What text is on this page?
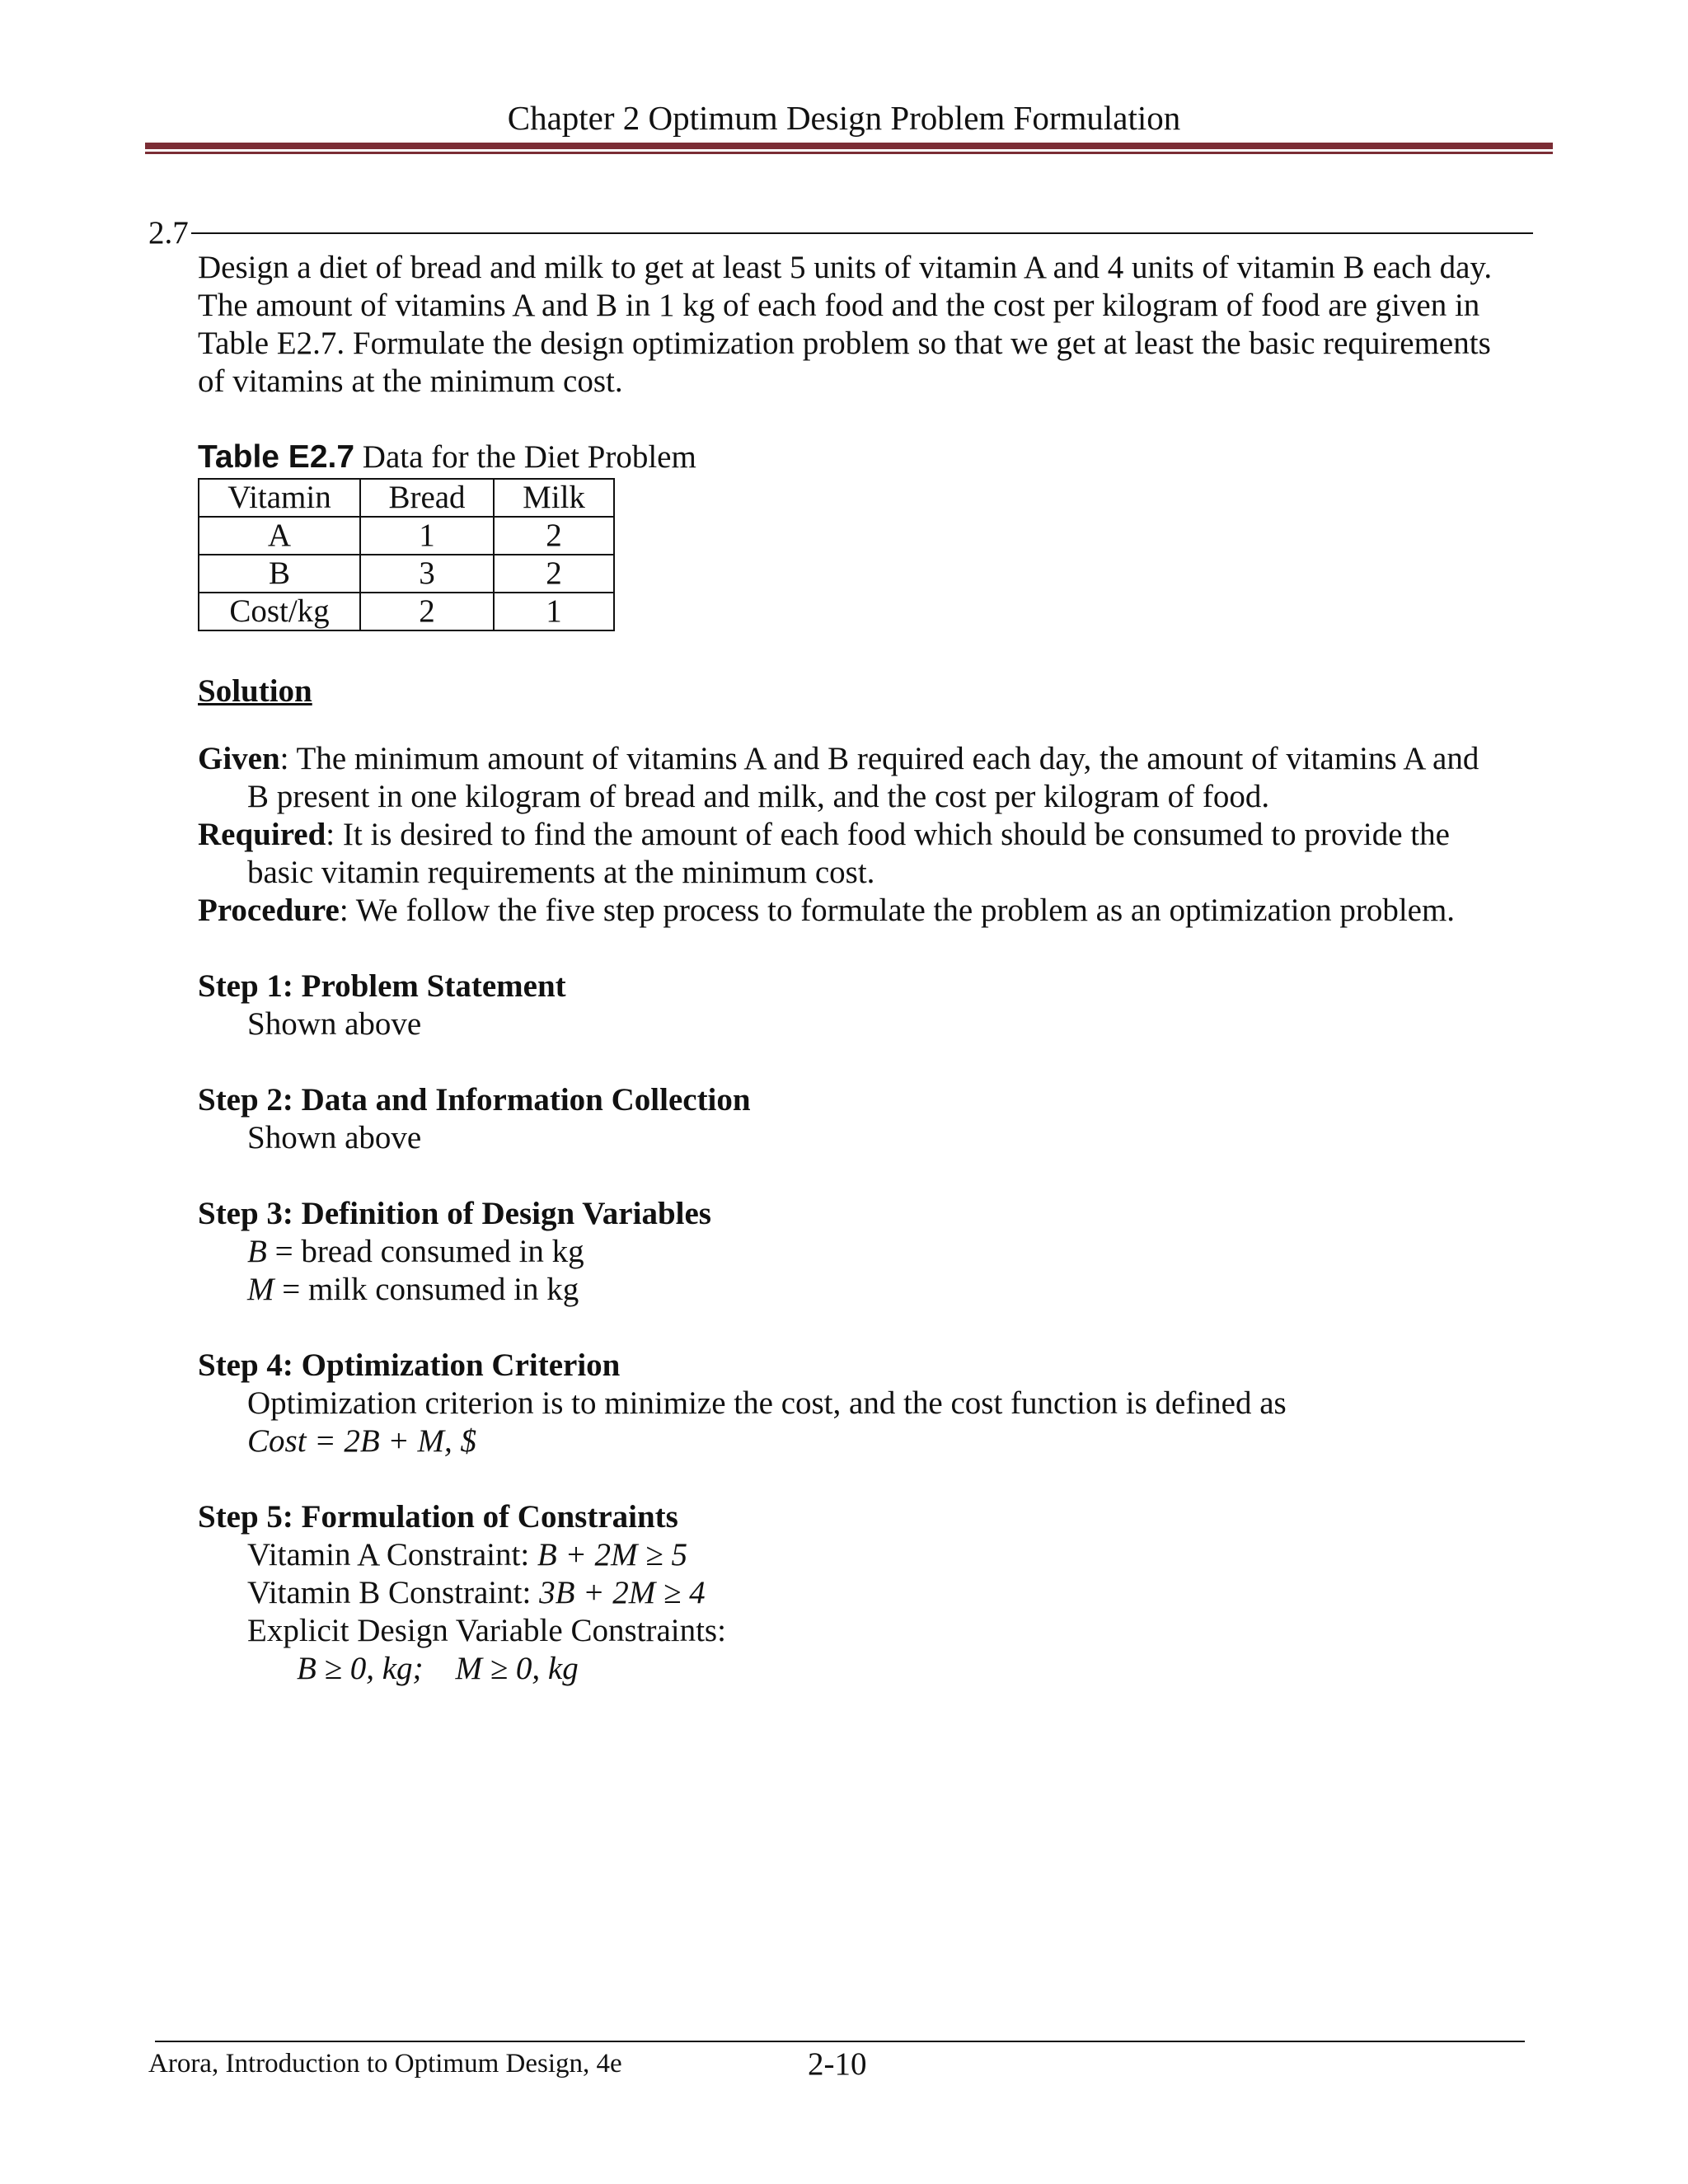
Chapter 2 Optimum Design Problem Formulation
2.7
Design a diet of bread and milk to get at least 5 units of vitamin A and 4 units of vitamin B each day.
The amount of vitamins A and B in 1 kg of each food and the cost per kilogram of food are given in
Table E2.7. Formulate the design optimization problem so that we get at least the basic requirements
of vitamins at the minimum cost.
Table E2.7 Data for the Diet Problem
Vitamin	Bread	Milk
A	1	2
B	3	2
Cost/kg	2	1
Solution
Given: The minimum amount of vitamins A and B required each day, the amount of vitamins A and
B present in one kilogram of bread and milk, and the cost per kilogram of food.
Required: It is desired to find the amount of each food which should be consumed to provide the
basic vitamin requirements at the minimum cost.
Procedure: We follow the five step process to formulate the problem as an optimization problem.
Step 1: Problem Statement
Shown above
Step 2: Data and Information Collection
Shown above
Step 3: Definition of Design Variables
B = bread consumed in kg
M = milk consumed in kg
Step 4: Optimization Criterion
Optimization criterion is to minimize the cost, and the cost function is defined as
Cost = 2B + M, $
Step 5: Formulation of Constraints
Vitamin A Constraint: B + 2M ≥ 5
Vitamin B Constraint: 3B + 2M ≥ 4
Explicit Design Variable Constraints:
B ≥ 0, kg;    M ≥ 0, kg
Arora, Introduction to Optimum Design, 4e	2-10
